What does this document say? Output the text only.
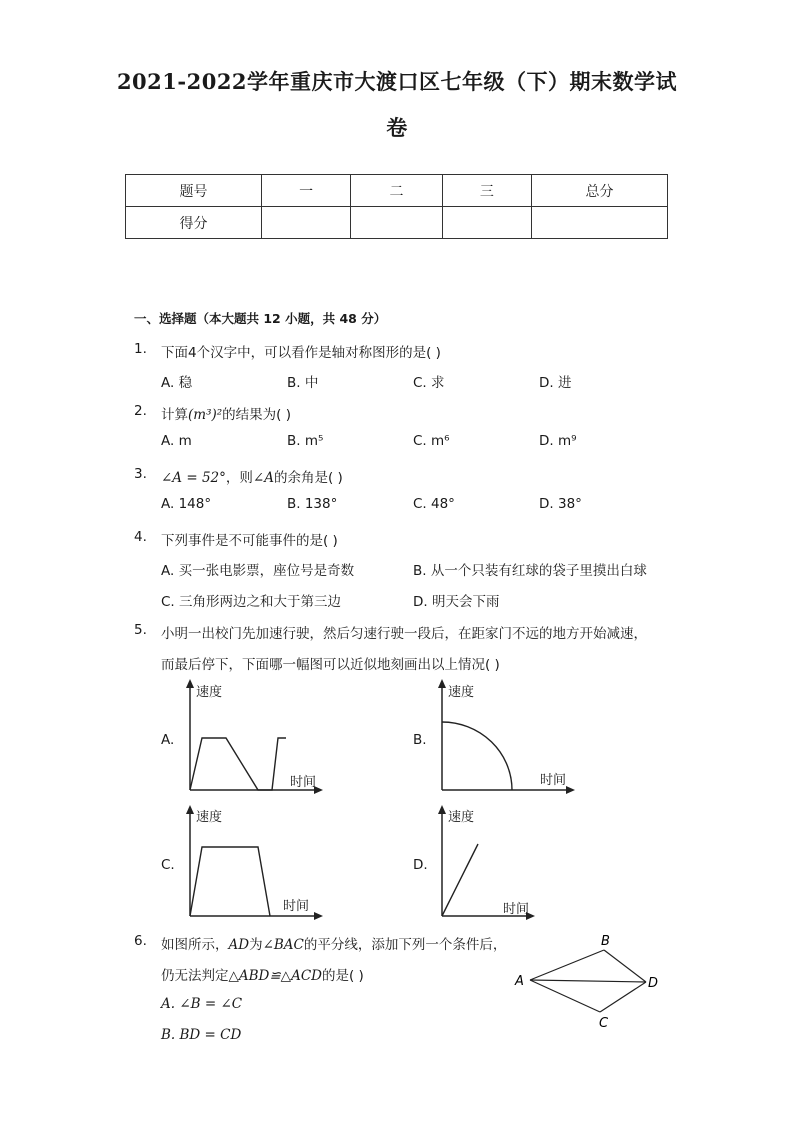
2021-2022学年重庆市大渡口区七年级（下）期末数学试
卷
题号	一	二	三	总分
得分				
一、选择题（本大题共 12 小题，共 48 分）
1. 下面4个汉字中，可以看作是轴对称图形的是( )
A. 稳	B. 中	C. 求	D. 进
2. 计算(m³)²的结果为( )
A. m	B. m⁵	C. m⁶	D. m⁹
3. ∠A = 52°，则∠A的余角是( )
A. 148°	B. 138°	C. 48°	D. 38°
4. 下列事件是不可能事件的是( )
A. 买一张电影票，座位号是奇数	B. 从一个只装有红球的袋子里摸出白球
C. 三角形两边之和大于第三边	D. 明天会下雨
5. 小明一出校门先加速行驶，然后匀速行驶一段后，在距家门不远的地方开始减速，
而最后停下，下面哪一幅图可以近似地刻画出以上情况( )
A.
速度
时间
B.
速度
时间
C.
速度
时间
D.
速度
时间
6. 如图所示，AD为∠BAC的平分线，添加下列一个条件后，
仍无法判定△ABD≌△ACD的是( )
A. ∠B = ∠C
B. BD = CD
A
B
D
C
